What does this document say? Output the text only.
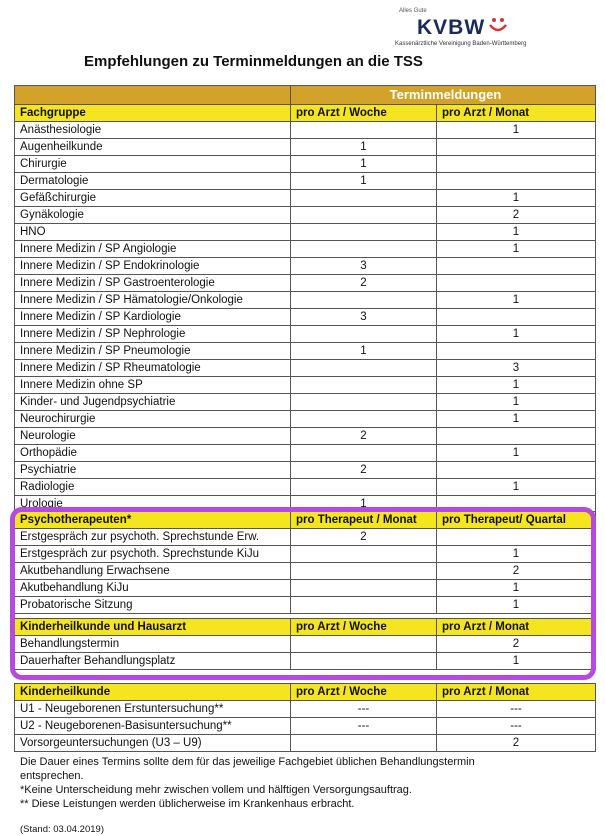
Alles Gute
KVBW
Kassenärztliche Vereinigung Baden-Württemberg
Empfehlungen zu Terminmeldungen an die TSS
	Terminmeldungen	
Fachgruppe	pro Arzt / Woche	pro Arzt / Monat
Anästhesiologie		1
Augenheilkunde	1	
Chirurgie	1	
Dermatologie	1	
Gefäßchirurgie		1
Gynäkologie		2
HNO		1
Innere Medizin / SP Angiologie		1
Innere Medizin / SP Endokrinologie	3	
Innere Medizin / SP Gastroenterologie	2	
Innere Medizin / SP Hämatologie/Onkologie		1
Innere Medizin / SP Kardiologie	3	
Innere Medizin / SP Nephrologie		1
Innere Medizin / SP Pneumologie	1	
Innere Medizin / SP Rheumatologie		3
Innere Medizin ohne SP		1
Kinder- und Jugendpsychiatrie		1
Neurochirurgie		1
Neurologie	2	
Orthopädie		1
Psychiatrie	2	
Radiologie		1
Urologie	1	
Psychotherapeuten*	pro Therapeut / Monat	pro Therapeut/ Quartal
Erstgespräch zur psychoth. Sprechstunde Erw.	2	
Erstgespräch zur psychoth. Sprechstunde KiJu		1
Akutbehandlung Erwachsene		2
Akutbehandlung KiJu		1
Probatorische Sitzung		1
Kinderheilkunde und Hausarzt	pro Arzt / Woche	pro Arzt / Monat
Behandlungstermin		2
Dauerhafter Behandlungsplatz		1
Kinderheilkunde	pro Arzt / Woche	pro Arzt / Monat
U1 - Neugeborenen Erstuntersuchung**	---	---
U2 - Neugeborenen-Basisuntersuchung**	---	---
Vorsorgeuntersuchungen (U3 – U9)		2

Die Dauer eines Termins sollte dem für das jeweilige Fachgebiet üblichen Behandlungstermin
entsprechen.

*Keine Unterscheidung mehr zwischen vollem und hälftigen Versorgungsauftrag.

** Diese Leistungen werden üblicherweise im Krankenhaus erbracht.

(Stand: 03.04.2019)
